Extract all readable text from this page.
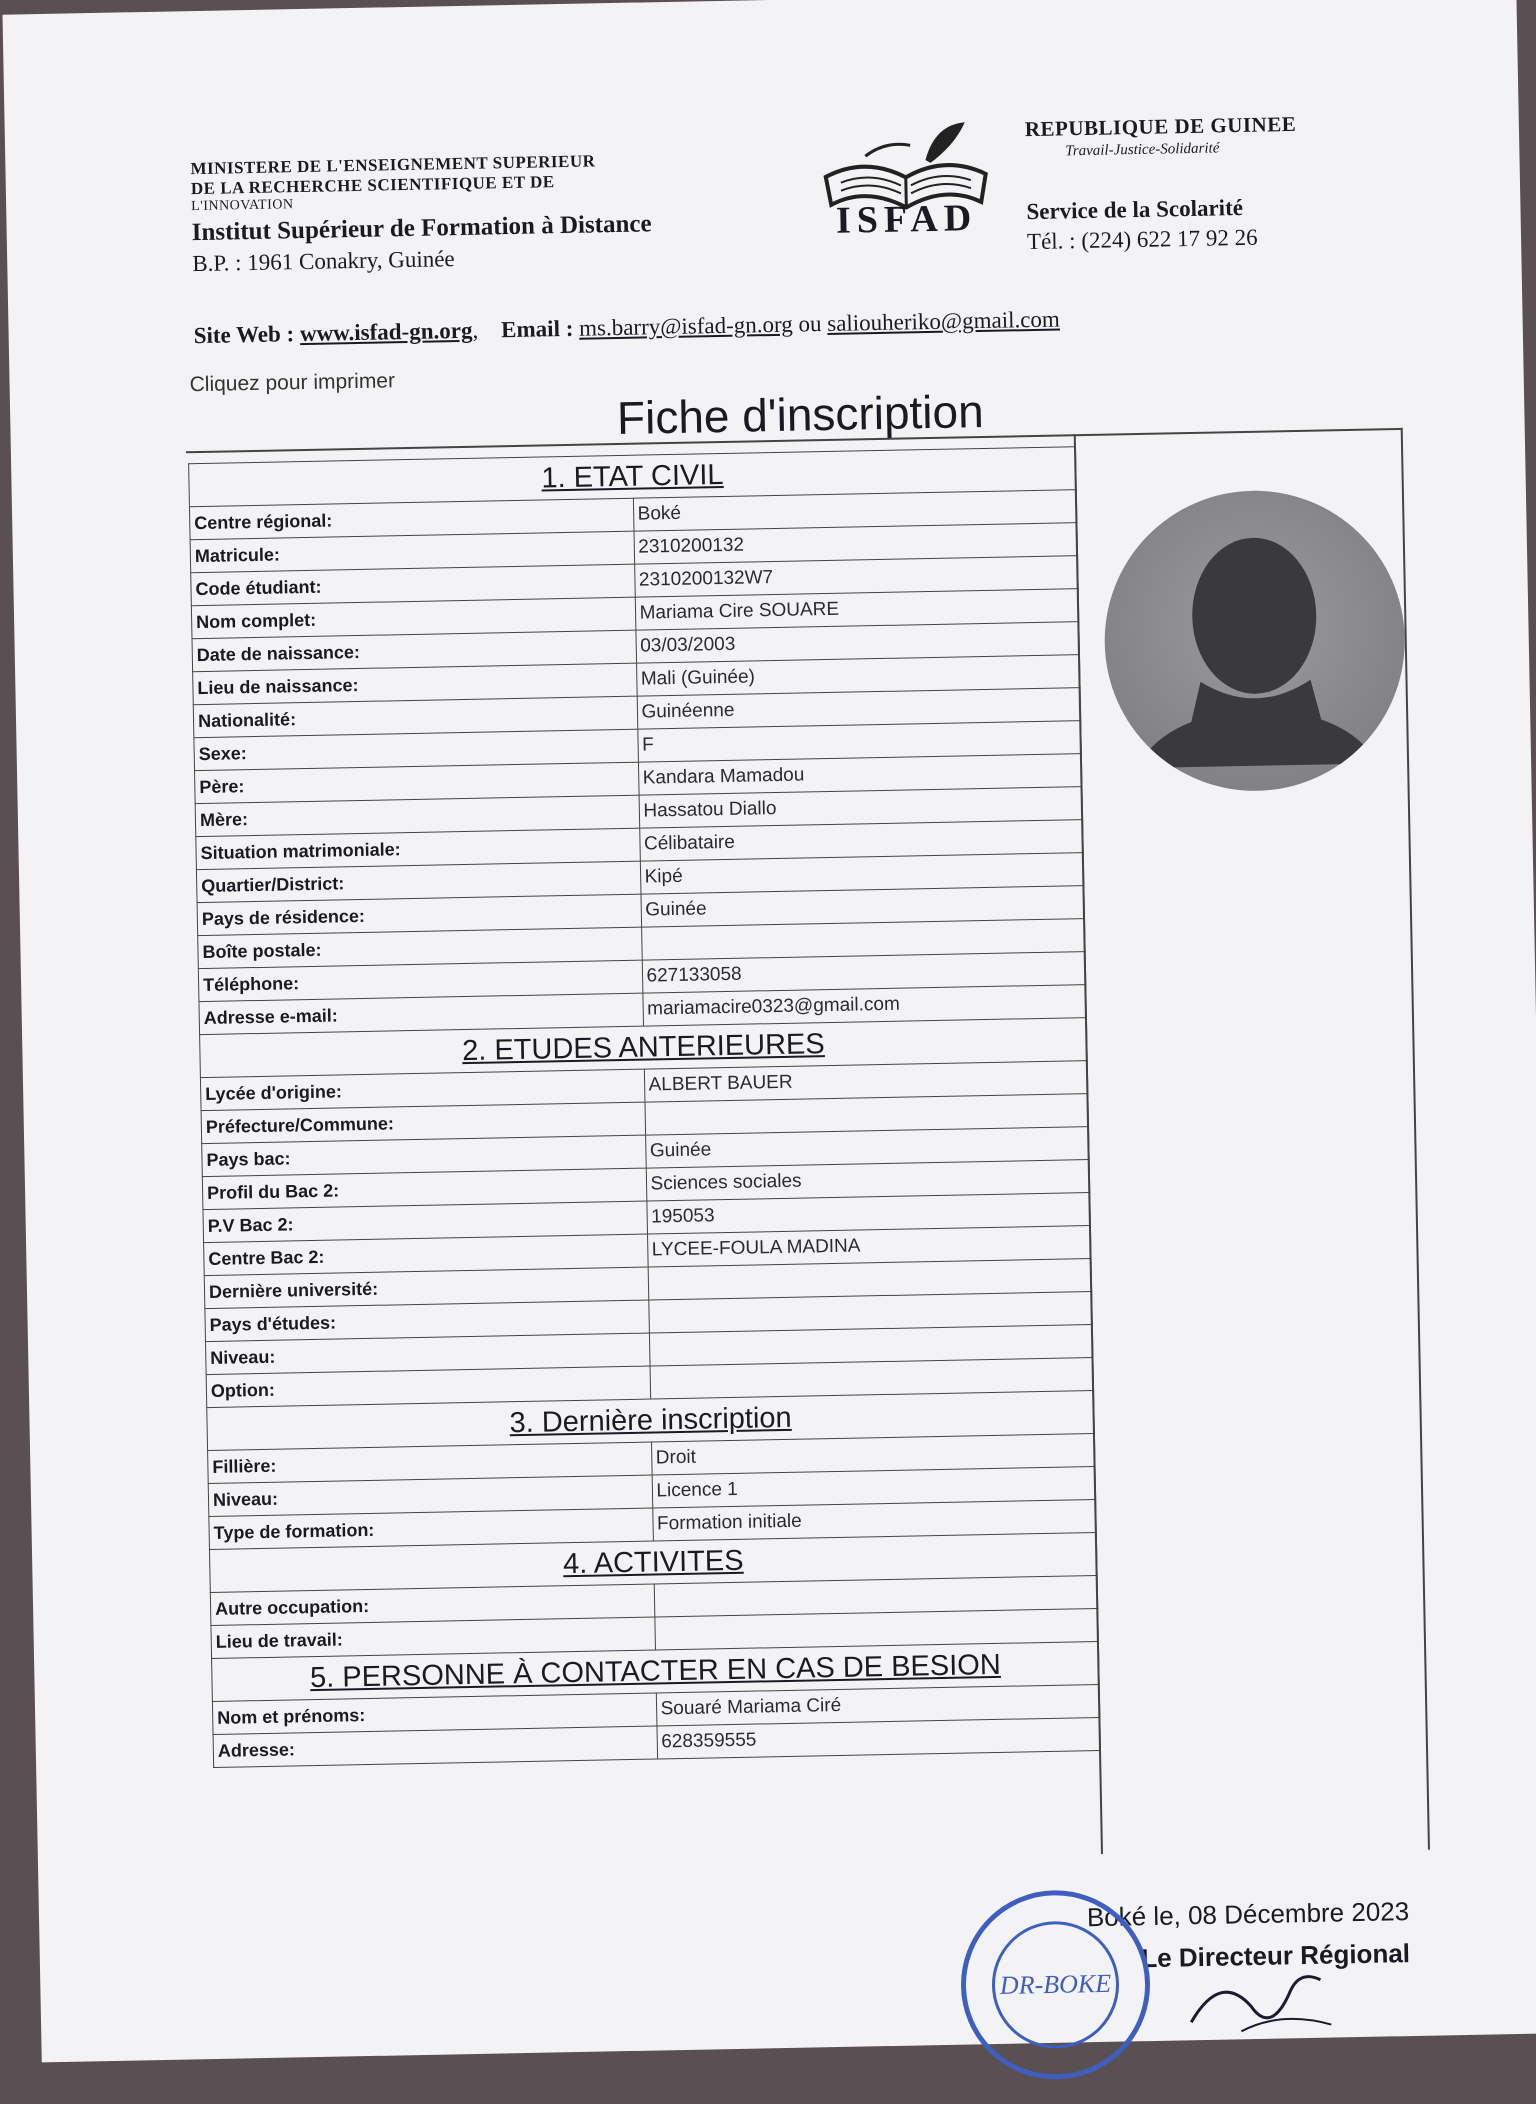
MINISTERE DE L'ENSEIGNEMENT SUPERIEUR
DE LA RECHERCHE SCIENTIFIQUE ET DE
L'INNOVATION
Institut Supérieur de Formation à Distance
B.P. : 1961 Conakry, Guinée
Site Web : www.isfad-gn.org,    Email : ms.barry@isfad-gn.org ou saliouheriko@gmail.com
ISFAD
REPUBLIQUE DE GUINEE
Travail-Justice-Solidarité
Service de la Scolarité
Tél. : (224) 622 17 92 26
Cliquez pour imprimer
Fiche d'inscription
1. ETAT CIVIL	
Centre régional:	Boké
Matricule:	2310200132
Code étudiant:	2310200132W7
Nom complet:	Mariama Cire SOUARE
Date de naissance:	03/03/2003
Lieu de naissance:	Mali (Guinée)
Nationalité:	Guinéenne
Sexe:	F
Père:	Kandara Mamadou
Mère:	Hassatou Diallo
Situation matrimoniale:	Célibataire
Quartier/District:	Kipé
Pays de résidence:	Guinée
Boîte postale:	
Téléphone:	627133058
Adresse e-mail:	mariamacire0323@gmail.com
2. ETUDES ANTERIEURES	
Lycée d'origine:	ALBERT BAUER
Préfecture/Commune:	
Pays bac:	Guinée
Profil du Bac 2:	Sciences sociales
P.V Bac 2:	195053
Centre Bac 2:	LYCEE-FOULA MADINA
Dernière université:	
Pays d'études:	
Niveau:	
Option:	
3. Dernière inscription	
Fillière:	Droit
Niveau:	Licence 1
Type de formation:	Formation initiale
4. ACTIVITES	
Autre occupation:	
Lieu de travail:	
5. PERSONNE À CONTACTER EN CAS DE BESION	
Nom et prénoms:	Souaré Mariama Ciré
Adresse:	628359555
Boké le, 08 Décembre 2023
Le Directeur Régional
DR-BOKE
